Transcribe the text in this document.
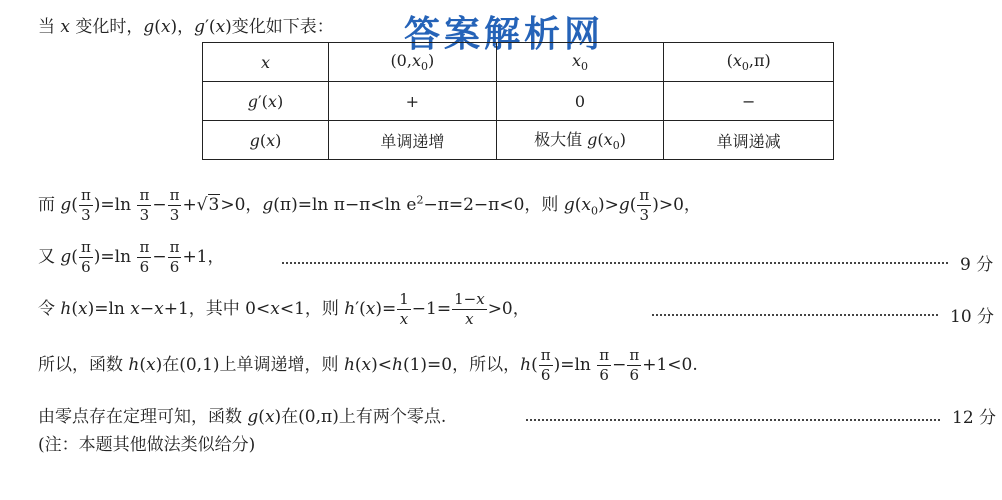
当 x 变化时，g(x)，g′(x)变化如下表： 答案解析网
x	$(0,x_0)$	$x_0$	$(x_0,\pi)$
g′(x)	+	0	−
g(x)	单调递增	极大值 $g(x_0)$	单调递减
而 $g( \frac{\pi}{3} )=\ln \frac{\pi}{3} - \frac{\pi}{3} +√3>0$，g(π)=ln π−π<ln $e^2-\pi=2-\pi<0$，则 $g(x_0)>g( \frac{\pi}{3} )>0$，
又 $g( \frac{\pi}{6} )=\ln \frac{\pi}{6} - \frac{\pi}{6} +1$，	9 分
令 h(x)=ln x−x+1，其中 0<x<1，则 $h'(x)= \frac{1}{x} -1= \frac{1-x}{x} >0$，	10 分
所以，函数 h(x)在(0,1)上单调递增，则 h(x)<h(1)=0，所以，$h( \frac{\pi}{6} )=\ln \frac{\pi}{6} - \frac{\pi}{6} +1<0$.
由零点存在定理可知，函数 g(x)在(0,π)上有两个零点.	12 分
(注：本题其他做法类似给分)
